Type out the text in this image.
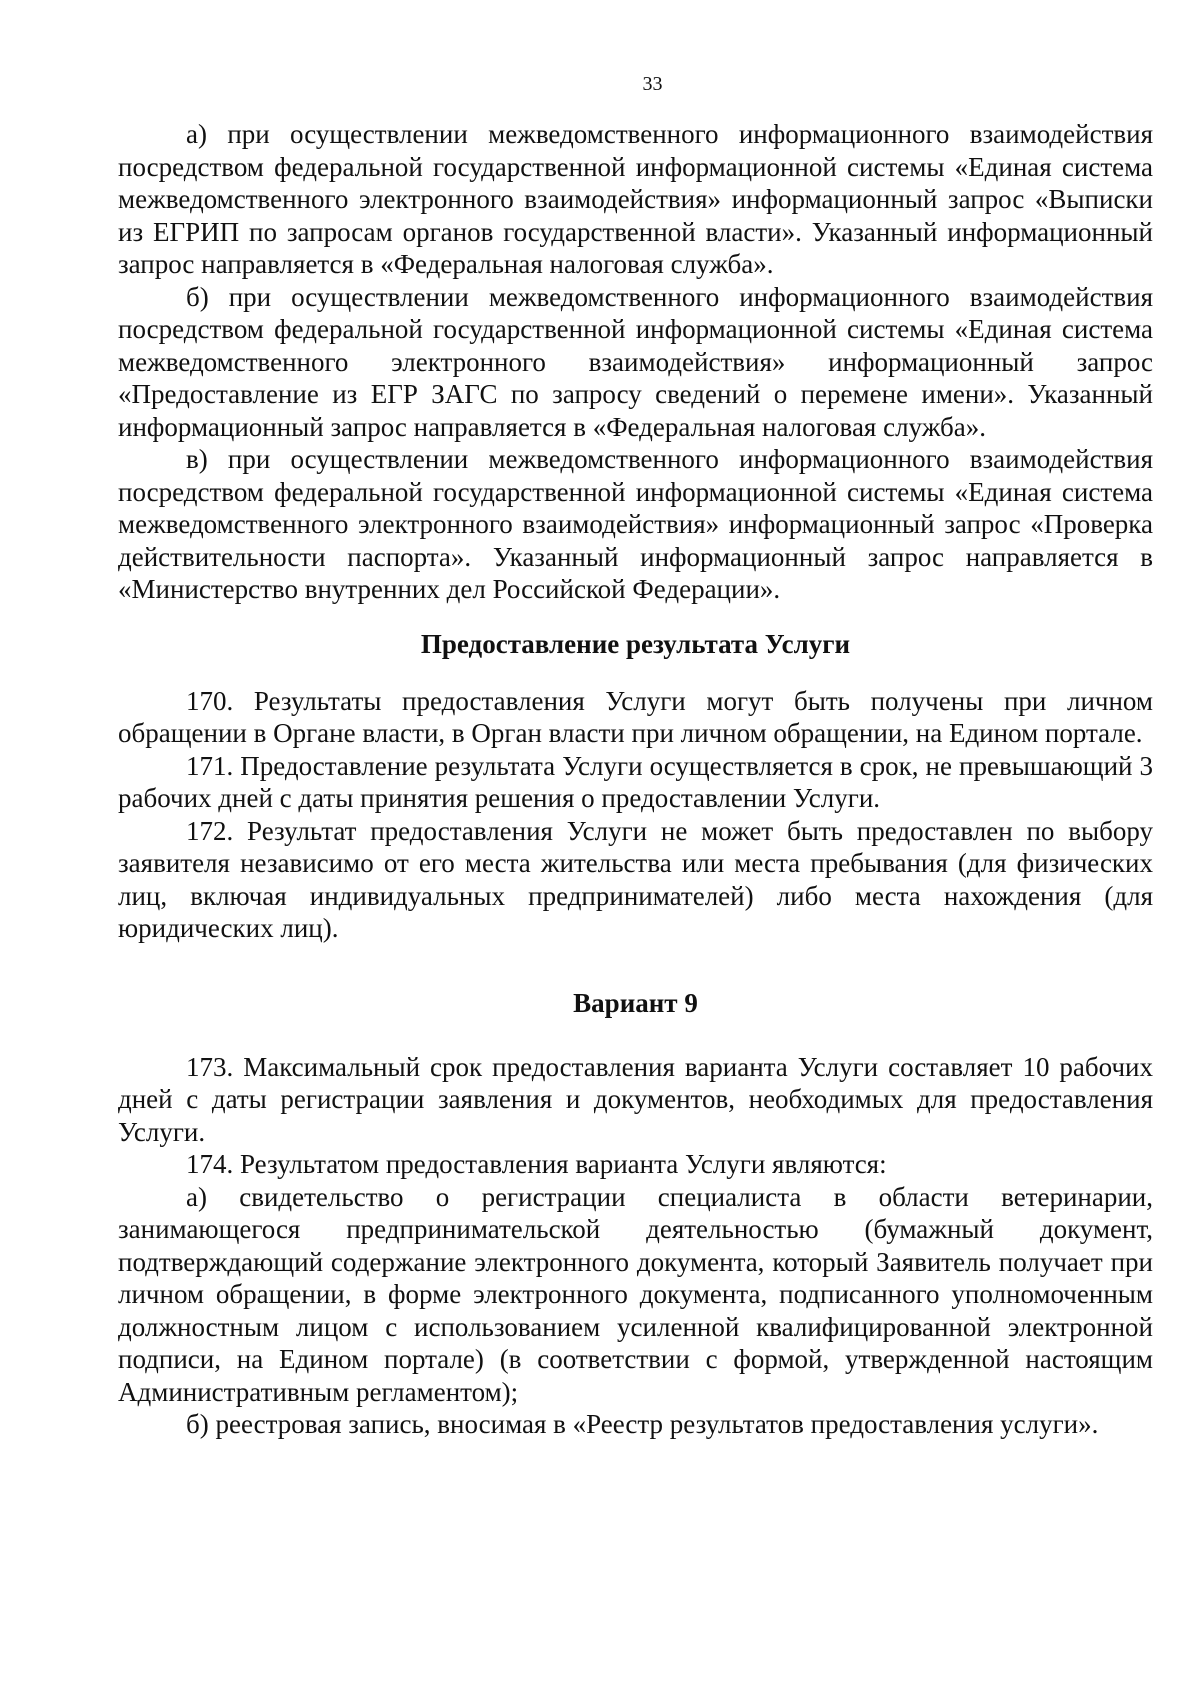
33

а) при осуществлении межведомственного информационного взаимодействия посредством федеральной государственной информационной системы «Единая система межведомственного электронного взаимодействия» информационный запрос «Выписки из ЕГРИП по запросам органов государственной власти». Указанный информационный запрос направляется в «Федеральная налоговая служба».

б) при осуществлении межведомственного информационного взаимодействия посредством федеральной государственной информационной системы «Единая система межведомственного электронного взаимодействия» информационный запрос «Предоставление из ЕГР ЗАГС по запросу сведений о перемене имени». Указанный информационный запрос направляется в «Федеральная налоговая служба».

в) при осуществлении межведомственного информационного взаимодействия посредством федеральной государственной информационной системы «Единая система межведомственного электронного взаимодействия» информационный запрос «Проверка действительности паспорта». Указанный информационный запрос направляется в «Министерство внутренних дел Российской Федерации».

Предоставление результата Услуги

170. Результаты предоставления Услуги могут быть получены при личном обращении в Органе власти, в Орган власти при личном обращении, на Едином портале.

171. Предоставление результата Услуги осуществляется в срок, не превышающий 3 рабочих дней с даты принятия решения о предоставлении Услуги.

172. Результат предоставления Услуги не может быть предоставлен по выбору заявителя независимо от его места жительства или места пребывания (для физических лиц, включая индивидуальных предпринимателей) либо места нахождения (для юридических лиц).

Вариант 9

173. Максимальный срок предоставления варианта Услуги составляет 10 рабочих дней с даты регистрации заявления и документов, необходимых для предоставления Услуги.

174. Результатом предоставления варианта Услуги являются:

а) свидетельство о регистрации специалиста в области ветеринарии, занимающегося предпринимательской деятельностью (бумажный документ, подтверждающий содержание электронного документа, который Заявитель получает при личном обращении, в форме электронного документа, подписанного уполномоченным должностным лицом с использованием усиленной квалифицированной электронной подписи, на Едином портале) (в соответствии с формой, утвержденной настоящим Административным регламентом);

б) реестровая запись, вносимая в «Реестр результатов предоставления услуги».
